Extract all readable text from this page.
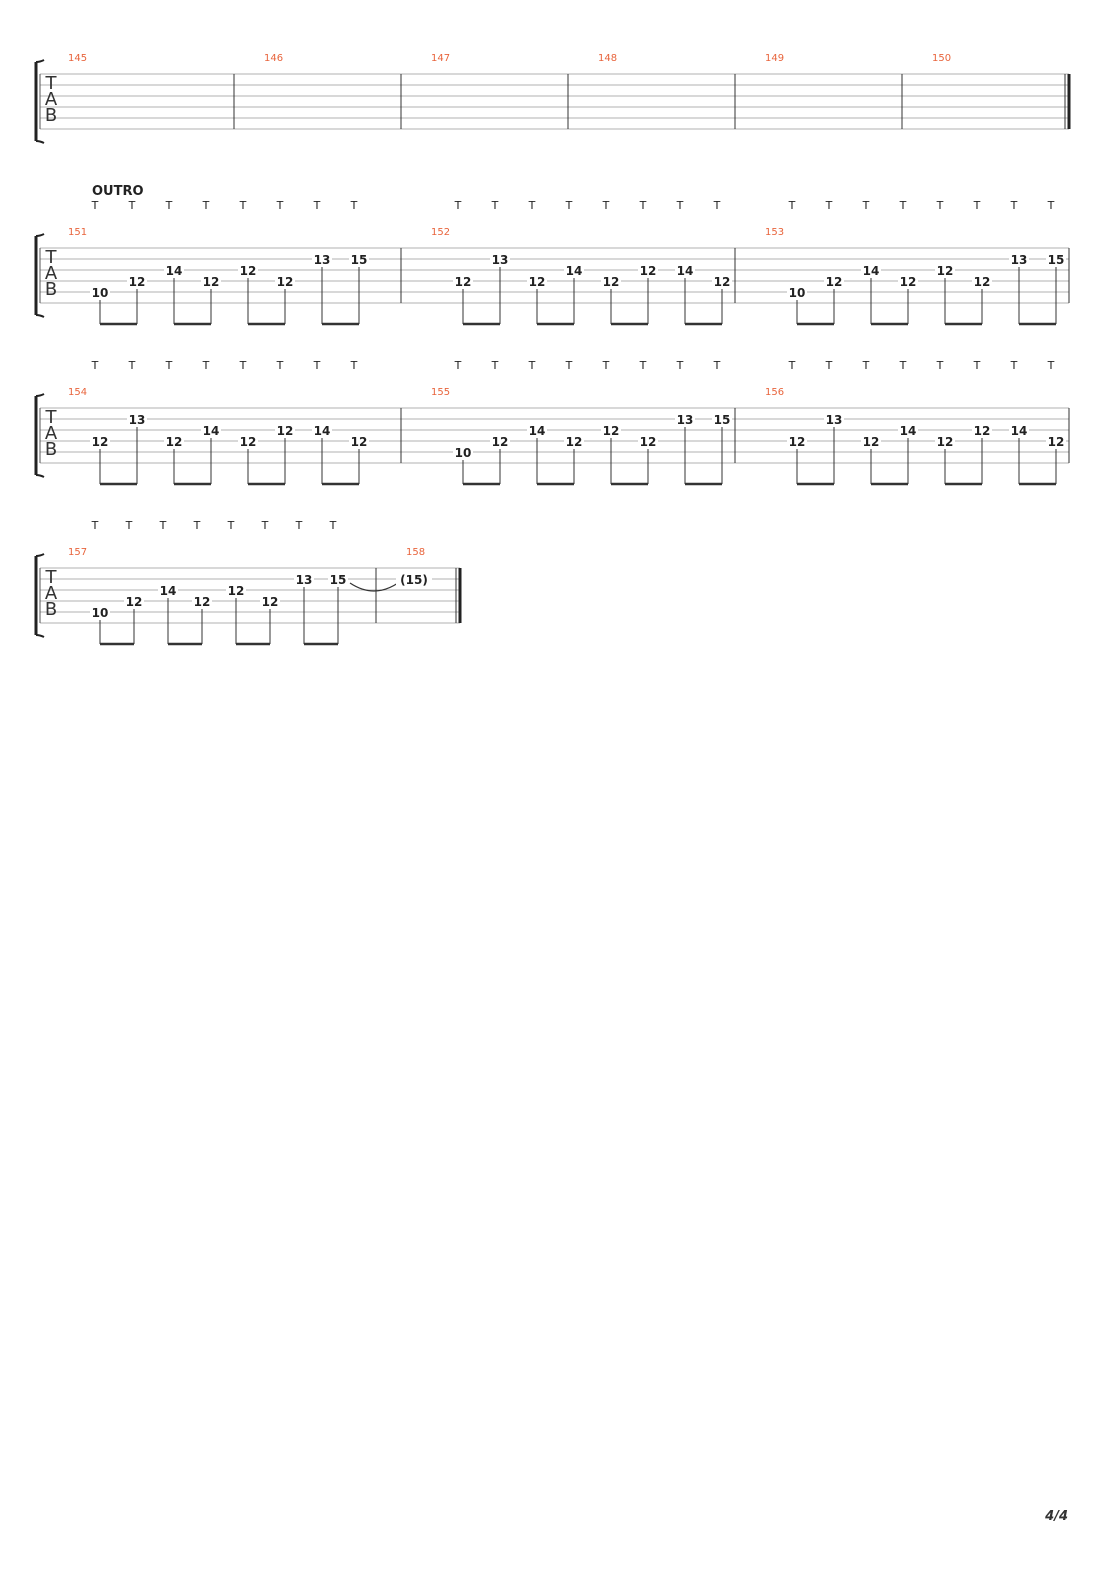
T
A
B
145	146	147	148	149	150
T
A
B
OUTRO
151
10
T
12
T
14
T
12
T
12
T
12
T
13
T
15
T
152
12
T
13
T
12
T
14
T
12
T
12
T
14
T
12
T
153
10
T
12
T
14
T
12
T
12
T
12
T
13
T
15
T
T
A
B
154
12
T
13
T
12
T
14
T
12
T
12
T
14
T
12
T
155
10
T
12
T
14
T
12
T
12
T
12
T
13
T
15
T
156
12
T
13
T
12
T
14
T
12
T
12
T
14
T
12
T
T
A
B
157
10
T
12
T
14
T
12
T
12
T
12
T
13
T
15
T
158
(15)
4/4
